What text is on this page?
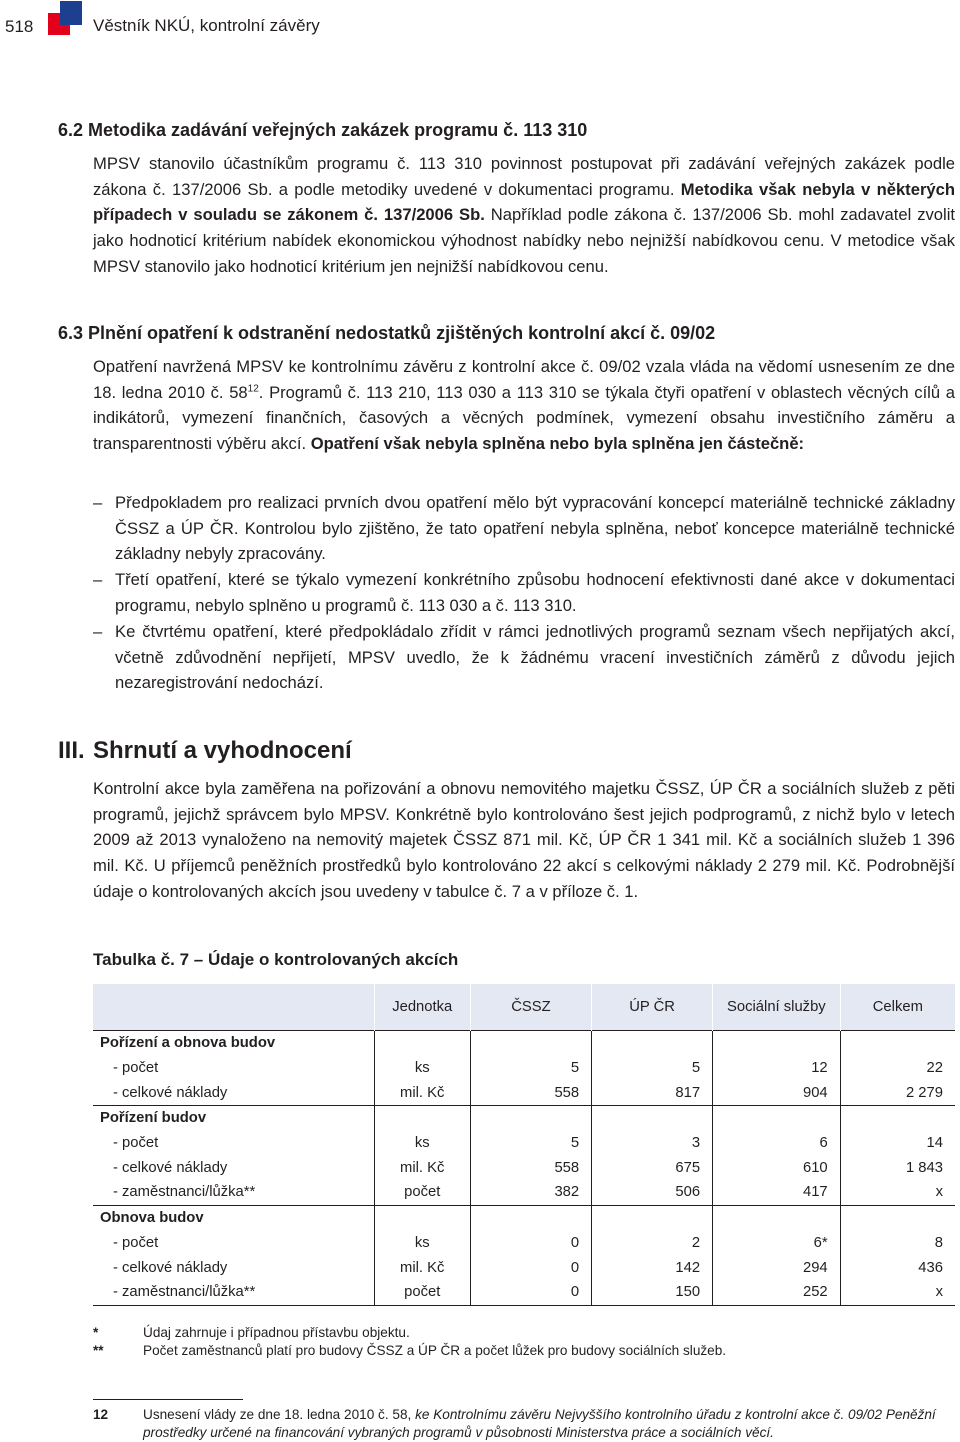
518	Věstník NKÚ, kontrolní závěry
6.2 Metodika zadávání veřejných zakázek programu č. 113 310
MPSV stanovilo účastníkům programu č. 113 310 povinnost postupovat při zadávání veřejných zakázek podle zákona č. 137/2006 Sb. a podle metodiky uvedené v dokumentaci programu. Metodika však nebyla v některých případech v souladu se zákonem č. 137/2006 Sb. Například podle zákona č. 137/2006 Sb. mohl zadavatel zvolit jako hodnoticí kritérium nabídek ekonomickou výhodnost nabídky nebo nejnižší nabídkovou cenu. V metodice však MPSV stanovilo jako hodnoticí kritérium jen nejnižší nabídkovou cenu.
6.3 Plnění opatření k odstranění nedostatků zjištěných kontrolní akcí č. 09/02
Opatření navržená MPSV ke kontrolnímu závěru z kontrolní akce č. 09/02 vzala vláda na vědomí usnesením ze dne 18. ledna 2010 č. 58$^{12}$. Programů č. 113 210, 113 030 a 113 310 se týkala čtyři opatření v oblastech věcných cílů a indikátorů, vymezení finančních, časových a věcných podmínek, vymezení obsahu investičního záměru a transparentnosti výběru akcí. Opatření však nebyla splněna nebo byla splněna jen částečně:
– Předpokladem pro realizaci prvních dvou opatření mělo být vypracování koncepcí materiálně technické základny ČSSZ a ÚP ČR. Kontrolou bylo zjištěno, že tato opatření nebyla splněna, neboť koncepce materiálně technické základny nebyly zpracovány.
– Třetí opatření, které se týkalo vymezení konkrétního způsobu hodnocení efektivnosti dané akce v dokumentaci programu, nebylo splněno u programů č. 113 030 a č. 113 310.
– Ke čtvrtému opatření, které předpokládalo zřídit v rámci jednotlivých programů seznam všech nepřijatých akcí, včetně zdůvodnění nepřijetí, MPSV uvedlo, že k žádnému vracení investičních záměrů z důvodu jejich nezaregistrování nedochází.
III. Shrnutí a vyhodnocení
Kontrolní akce byla zaměřena na pořizování a obnovu nemovitého majetku ČSSZ, ÚP ČR a sociálních služeb z pěti programů, jejichž správcem bylo MPSV. Konkrétně bylo kontrolováno šest jejich podprogramů, z nichž bylo v letech 2009 až 2013 vynaloženo na nemovitý majetek ČSSZ 871 mil. Kč, ÚP ČR 1 341 mil. Kč a sociálních služeb 1 396 mil. Kč. U příjemců peněžních prostředků bylo kontrolováno 22 akcí s celkovými náklady 2 279 mil. Kč. Podrobnější údaje o kontrolovaných akcích jsou uvedeny v tabulce č. 7 a v příloze č. 1.
Tabulka č. 7 – Údaje o kontrolovaných akcích
	Jednotka	ČSSZ	ÚP ČR	Sociální služby	Celkem
Pořízení a obnova budov					
- počet	ks	5	5	12	22
- celkové náklady	mil. Kč	558	817	904	2 279
Pořízení budov					
- počet	ks	5	3	6	14
- celkové náklady	mil. Kč	558	675	610	1 843
- zaměstnanci/lůžka**	počet	382	506	417	x
Obnova budov					
- počet	ks	0	2	6*	8
- celkové náklady	mil. Kč	0	142	294	436
- zaměstnanci/lůžka**	počet	0	150	252	x
*	Údaj zahrnuje i případnou přístavbu objektu.
**	Počet zaměstnanců platí pro budovy ČSSZ a ÚP ČR a počet lůžek pro budovy sociálních služeb.
12	Usnesení vlády ze dne 18. ledna 2010 č. 58, ke Kontrolnímu závěru Nejvyššího kontrolního úřadu z kontrolní akce č. 09/02 Peněžní prostředky určené na financování vybraných programů v působnosti Ministerstva práce a sociálních věcí.
